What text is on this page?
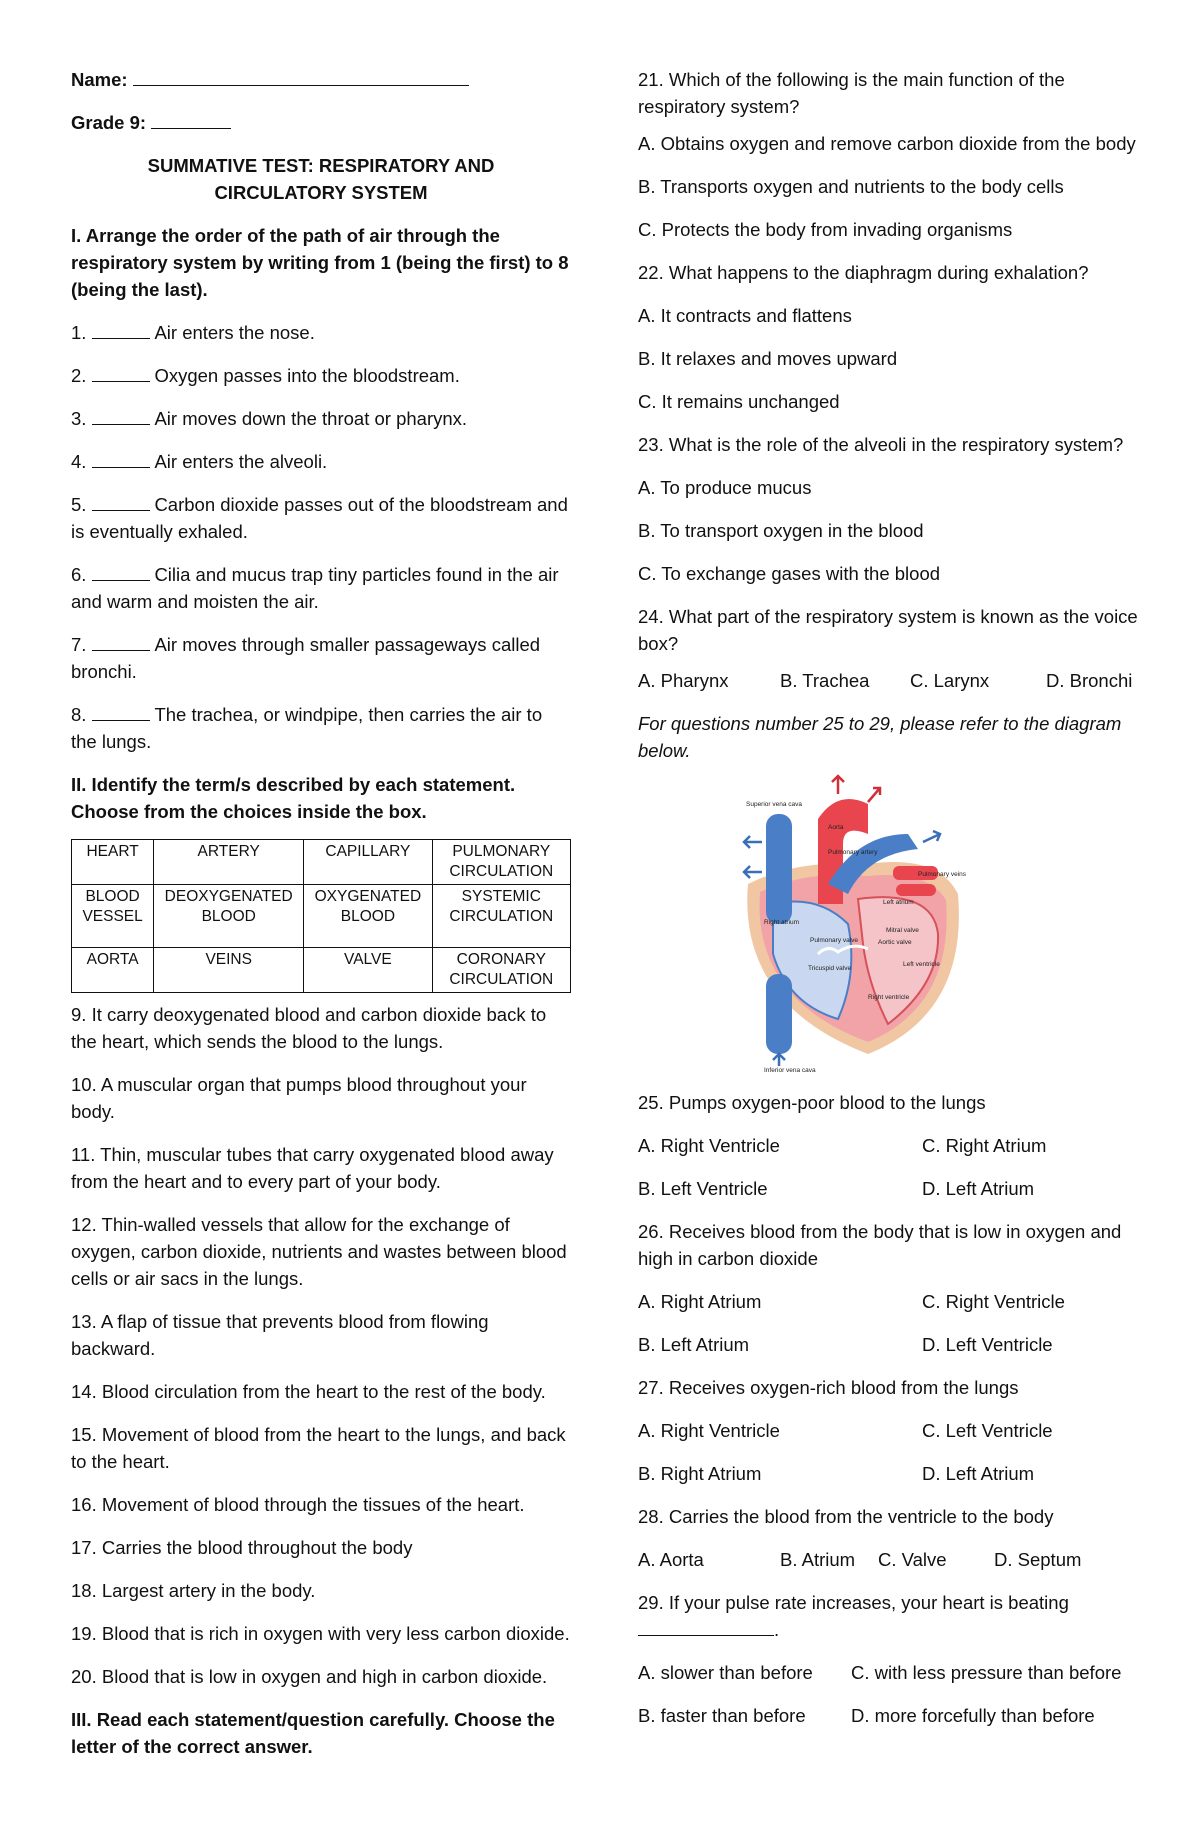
Name:

Grade 9:

SUMMATIVE TEST: RESPIRATORY AND CIRCULATORY SYSTEM

I. Arrange the order of the path of air through the respiratory system by writing from 1 (being the first) to 8 (being the last).

1.	Air enters the nose.

2.	Oxygen passes into the bloodstream.

3.	Air moves down the throat or pharynx.

4.	Air enters the alveoli.

5.	Carbon dioxide passes out of the bloodstream and is eventually exhaled.

6.	Cilia and mucus trap tiny particles found in the air and warm and moisten the air.

7.	Air moves through smaller passageways called bronchi.

8.	The trachea, or windpipe, then carries the air to the lungs.

II. Identify the term/s described by each statement. Choose from the choices inside the box.

HEART	ARTERY	CAPILLARY	PULMONARY CIRCULATION
BLOOD VESSEL	DEOXYGENATED BLOOD	OXYGENATED BLOOD	SYSTEMIC CIRCULATION
AORTA	VEINS	VALVE	CORONARY CIRCULATION

9. It carry deoxygenated blood and carbon dioxide back to the heart, which sends the blood to the lungs.

10. A muscular organ that pumps blood throughout your body.

11. Thin, muscular tubes that carry oxygenated blood away from the heart and to every part of your body.

12. Thin-walled vessels that allow for the exchange of oxygen, carbon dioxide, nutrients and wastes between blood cells or air sacs in the lungs.

13. A flap of tissue that prevents blood from flowing backward.

14. Blood circulation from the heart to the rest of the body.

15. Movement of blood from the heart to the lungs, and back to the heart.

16. Movement of blood through the tissues of the heart.

17. Carries the blood throughout the body

18. Largest artery in the body.

19. Blood that is rich in oxygen with very less carbon dioxide.

20. Blood that is low in oxygen and high in carbon dioxide.

III. Read each statement/question carefully. Choose the letter of the correct answer.

21. Which of the following is the main function of the respiratory system?

A. Obtains oxygen and remove carbon dioxide from the body

B. Transports oxygen and nutrients to the body cells

C. Protects the body from invading organisms

22. What happens to the diaphragm during exhalation?

A. It contracts and flattens

B. It relaxes and moves upward

C. It remains unchanged

23. What is the role of the alveoli in the respiratory system?

A. To produce mucus

B. To transport oxygen in the blood

C. To exchange gases with the blood

24. What part of the respiratory system is known as the voice box?

A. Pharynx	B. Trachea	C. Larynx	D. Bronchi

For questions number 25 to 29, please refer to the diagram below.

Superior vena cava
Aorta
Pulmonary artery
Pulmonary veins
Left atrium
Mitral valve
Aortic valve
Left ventricle
Right atrium
Pulmonary valve
Tricuspid valve
Right ventricle
Inferior vena cava

25. Pumps oxygen-poor blood to the lungs

A. Right Ventricle	C. Right Atrium
B. Left Ventricle	D. Left Atrium

26. Receives blood from the body that is low in oxygen and high in carbon dioxide

A. Right Atrium	C. Right Ventricle
B. Left Atrium	D. Left Ventricle

27. Receives oxygen-rich blood from the lungs

A. Right Ventricle	C. Left Ventricle
B. Right Atrium	D. Left Atrium

28. Carries the blood from the ventricle to the body

A. Aorta	B. Atrium	C. Valve	D. Septum

29. If your pulse rate increases, your heart is beating.

A. slower than before	C. with less pressure than before
B. faster than before	D. more forcefully than before
